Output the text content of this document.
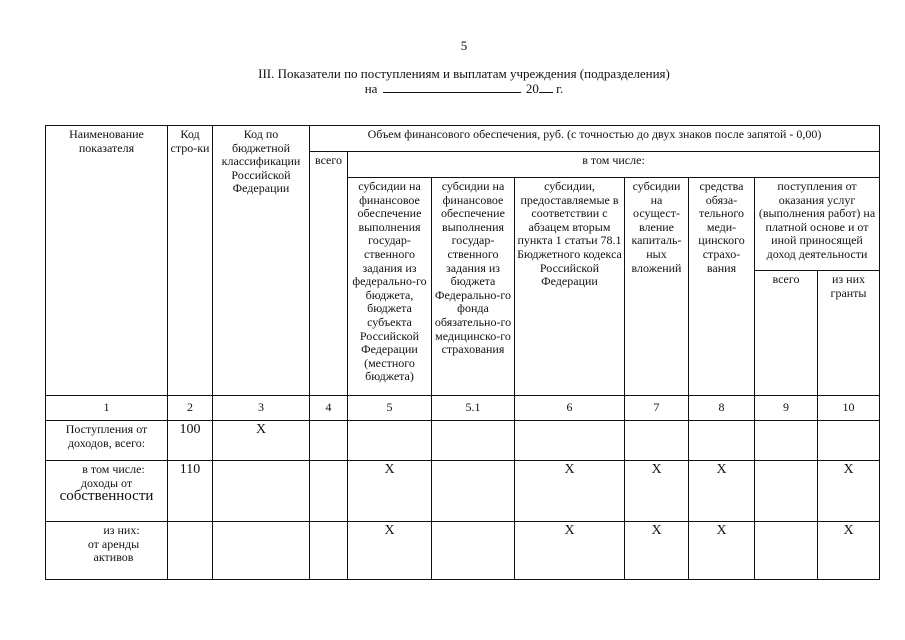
5
III. Показатели по поступлениям и выплатам учреждения (подразделения)
на	20 г.
Наименование показателя	Код стро-ки	Код по бюджетной классификации Российской Федерации	Объем финансового обеспечения, руб. (с точностью до двух знаков после запятой - 0,00)							
			всего	в том числе:						
				субсидии на финансовое обеспечение выполнения государ-ственного задания из федерально-го бюджета, бюджета субъекта Российской Федерации (местного бюджета)	субсидии на финансовое обеспечение выполнения государ-ственного задания из бюджета Федерально-го фонда обязательно-го медицинско-го страхования	субсидии, предоставляемые в соответствии с абзацем вторым пункта 1 статьи 78.1 Бюджетного кодекса Российской Федерации	субсидии на осущест-вление капиталь-ных вложений	средства обяза-тельного меди-цинского страхо-вания	поступления от оказания услуг (выполнения работ) на платной основе и от иной приносящей доход деятельности	
									всего	из них гранты
1	2	3	4	5	5.1	6	7	8	9	10
Поступления от
доходов, всего:	100	X								

в том числе:
доходы от
собственности	110			X		X	X	X		X

из них:
от аренды
активов				X		X	X	X		X
